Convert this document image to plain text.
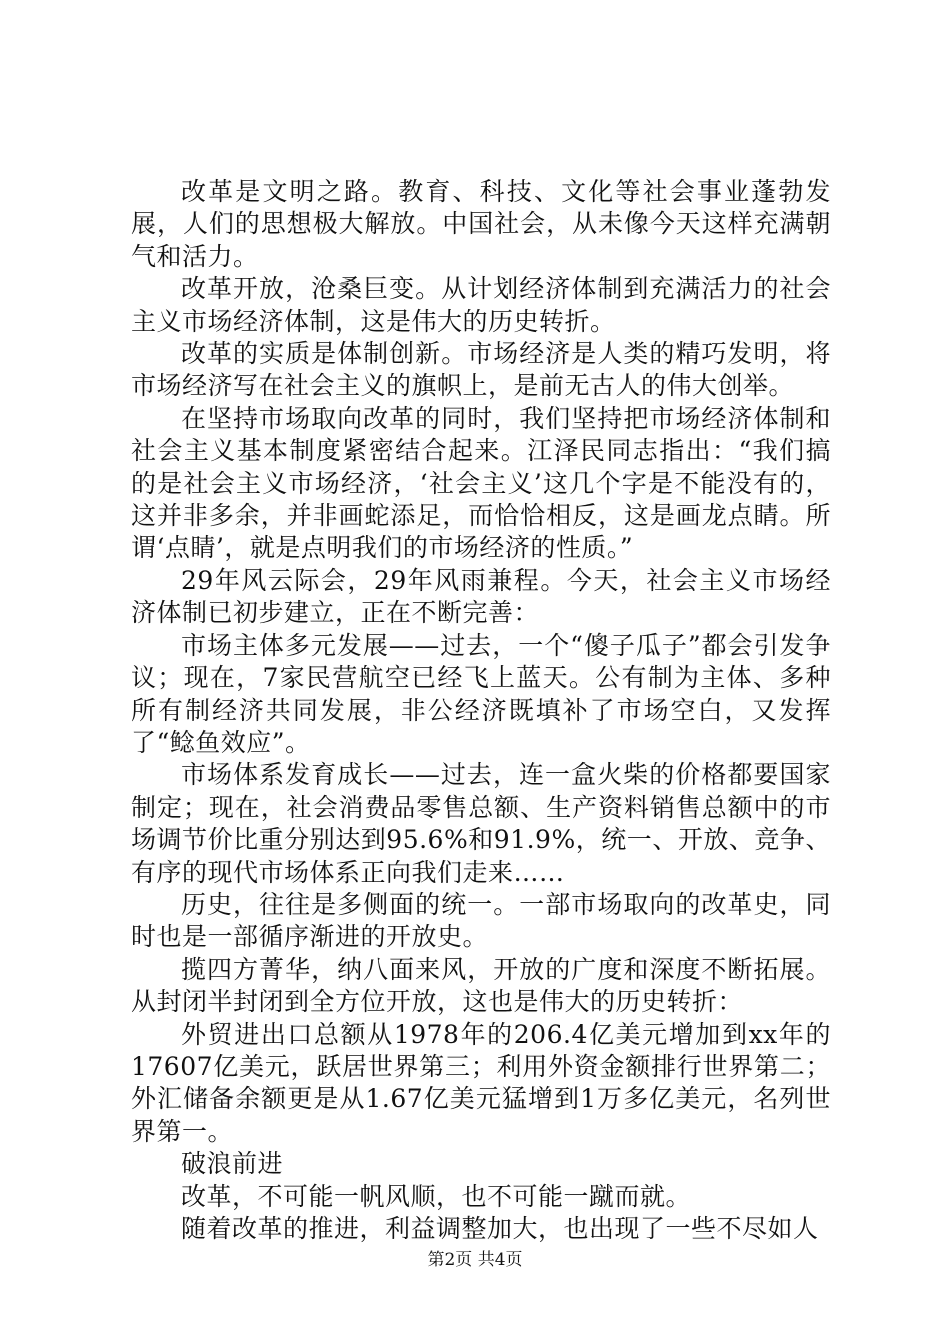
改革是文明之路。教育、科技、文化等社会事业蓬勃发展，人们的思想极大解放。中国社会，从未像今天这样充满朝气和活力。

改革开放，沧桑巨变。从计划经济体制到充满活力的社会主义市场经济体制，这是伟大的历史转折。

改革的实质是体制创新。市场经济是人类的精巧发明，将市场经济写在社会主义的旗帜上，是前无古人的伟大创举。

在坚持市场取向改革的同时，我们坚持把市场经济体制和社会主义基本制度紧密结合起来。江泽民同志指出：“我们搞的是社会主义市场经济，‘社会主义’这几个字是不能没有的，这并非多余，并非画蛇添足，而恰恰相反，这是画龙点睛。所谓‘点睛’，就是点明我们的市场经济的性质。”

29年风云际会，29年风雨兼程。今天，社会主义市场经济体制已初步建立，正在不断完善：

市场主体多元发展——过去，一个“傻子瓜子”都会引发争议；现在，7家民营航空已经飞上蓝天。公有制为主体、多种所有制经济共同发展，非公经济既填补了市场空白，又发挥了“鲶鱼效应”。

市场体系发育成长——过去，连一盒火柴的价格都要国家制定；现在，社会消费品零售总额、生产资料销售总额中的市场调节价比重分别达到95.6%和91.9%，统一、开放、竞争、有序的现代市场体系正向我们走来……

历史，往往是多侧面的统一。一部市场取向的改革史，同时也是一部循序渐进的开放史。

揽四方菁华，纳八面来风，开放的广度和深度不断拓展。从封闭半封闭到全方位开放，这也是伟大的历史转折：

外贸进出口总额从1978年的206.4亿美元增加到xx年的17607亿美元，跃居世界第三；利用外资金额排行世界第二；外汇储备余额更是从1.67亿美元猛增到1万多亿美元，名列世界第一。

破浪前进

改革，不可能一帆风顺，也不可能一蹴而就。

随着改革的推进，利益调整加大，也出现了一些不尽如人

第2页 共4页
